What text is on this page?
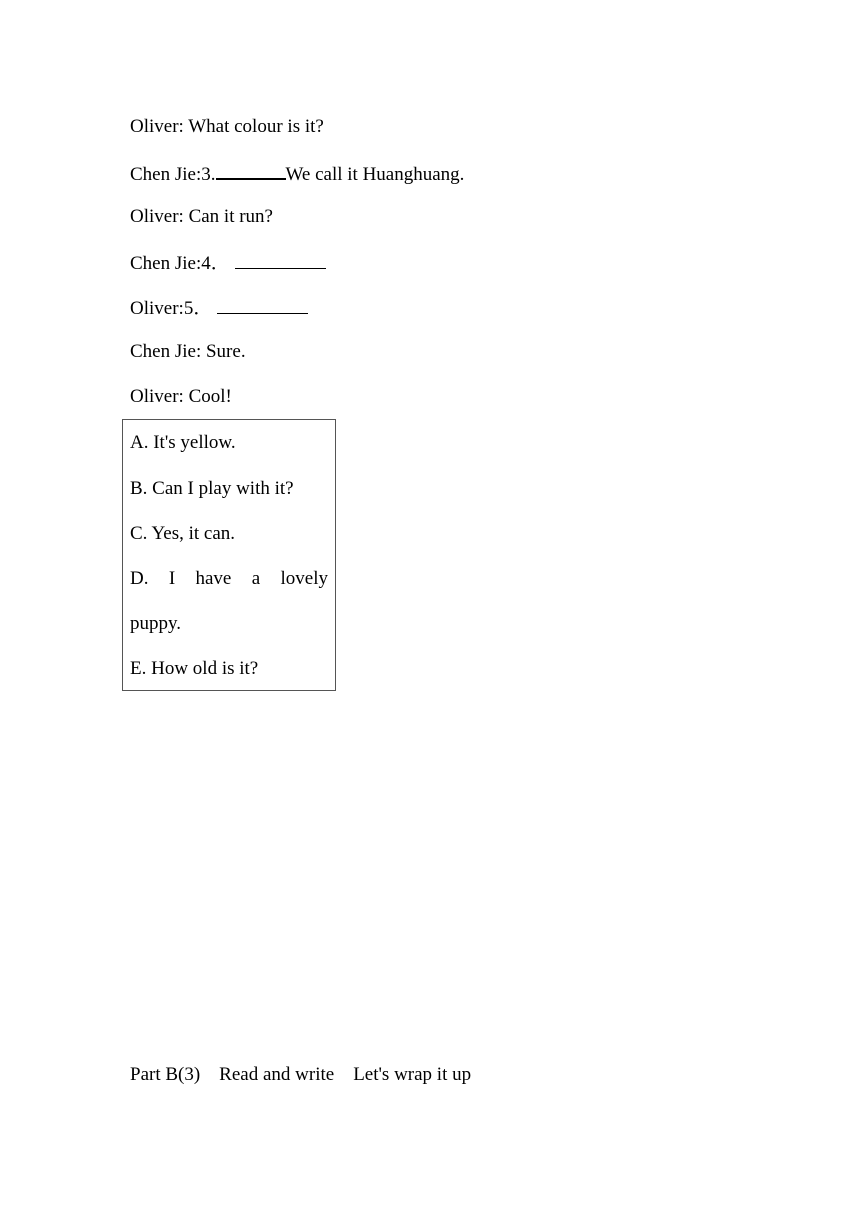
Oliver: What colour is it?
Chen Jie:3.	We call it Huanghuang.
Oliver: Can it run?
Chen Jie:4．
Oliver:5．
Chen Jie: Sure.
Oliver: Cool!
A. It's yellow.
B. Can I play with it?
C. Yes, it can.
D. I have a lovely
puppy.
E. How old is it?
Part B(3)    Read and write    Let's wrap it up
